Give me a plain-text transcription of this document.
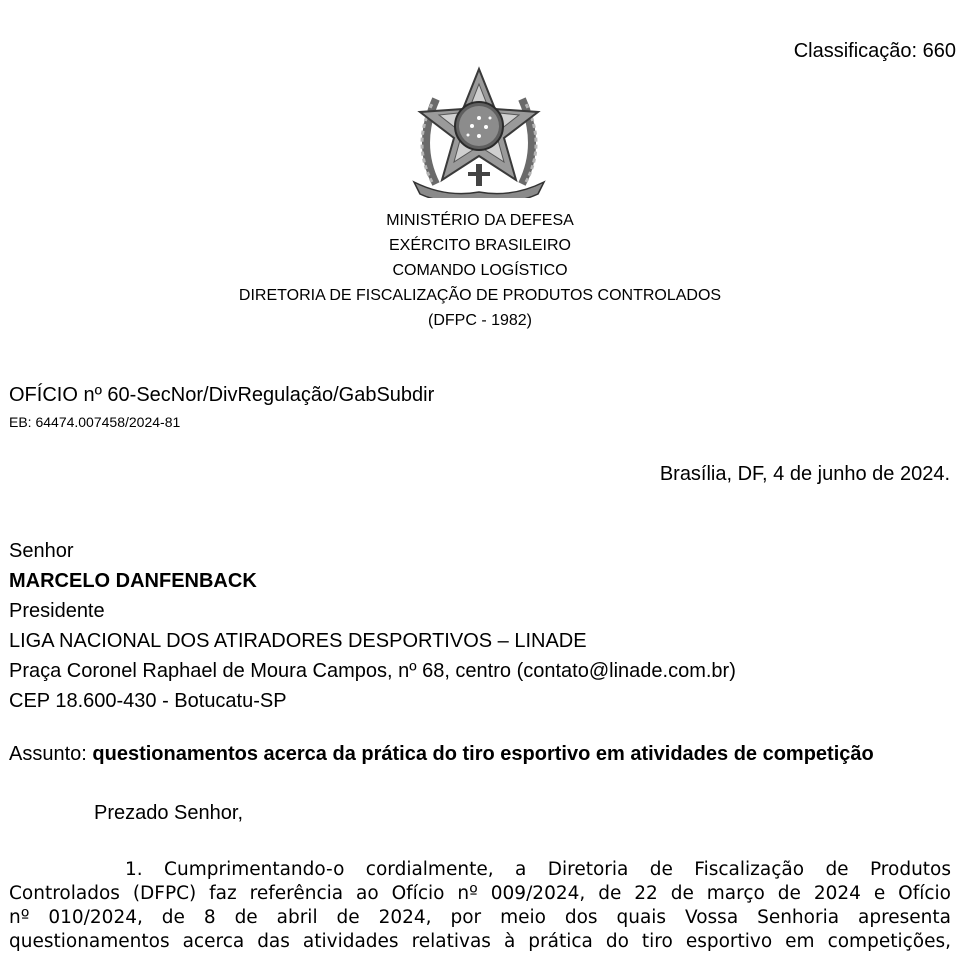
Classificação: 660
MINISTÉRIO DA DEFESA
EXÉRCITO BRASILEIRO
COMANDO LOGÍSTICO
DIRETORIA DE FISCALIZAÇÃO DE PRODUTOS CONTROLADOS
(DFPC - 1982)
OFÍCIO nº 60-SecNor/DivRegulação/GabSubdir
EB: 64474.007458/2024-81
Brasília, DF, 4 de junho de 2024.
Senhor
MARCELO DANFENBACK
Presidente
LIGA NACIONAL DOS ATIRADORES DESPORTIVOS – LINADE
Praça Coronel Raphael de Moura Campos, nº 68, centro (contato@linade.com.br)
CEP 18.600-430 - Botucatu-SP
Assunto: questionamentos acerca da prática do tiro esportivo em atividades de competição
Prezado Senhor,
1. Cumprimentando-o cordialmente, a Diretoria de Fiscalização de Produtos
Controlados (DFPC) faz referência ao Ofício nº 009/2024, de 22 de março de 2024 e Ofício
nº 010/2024, de 8 de abril de 2024, por meio dos quais Vossa Senhoria apresenta
questionamentos acerca das atividades relativas à prática do tiro esportivo em competições,
